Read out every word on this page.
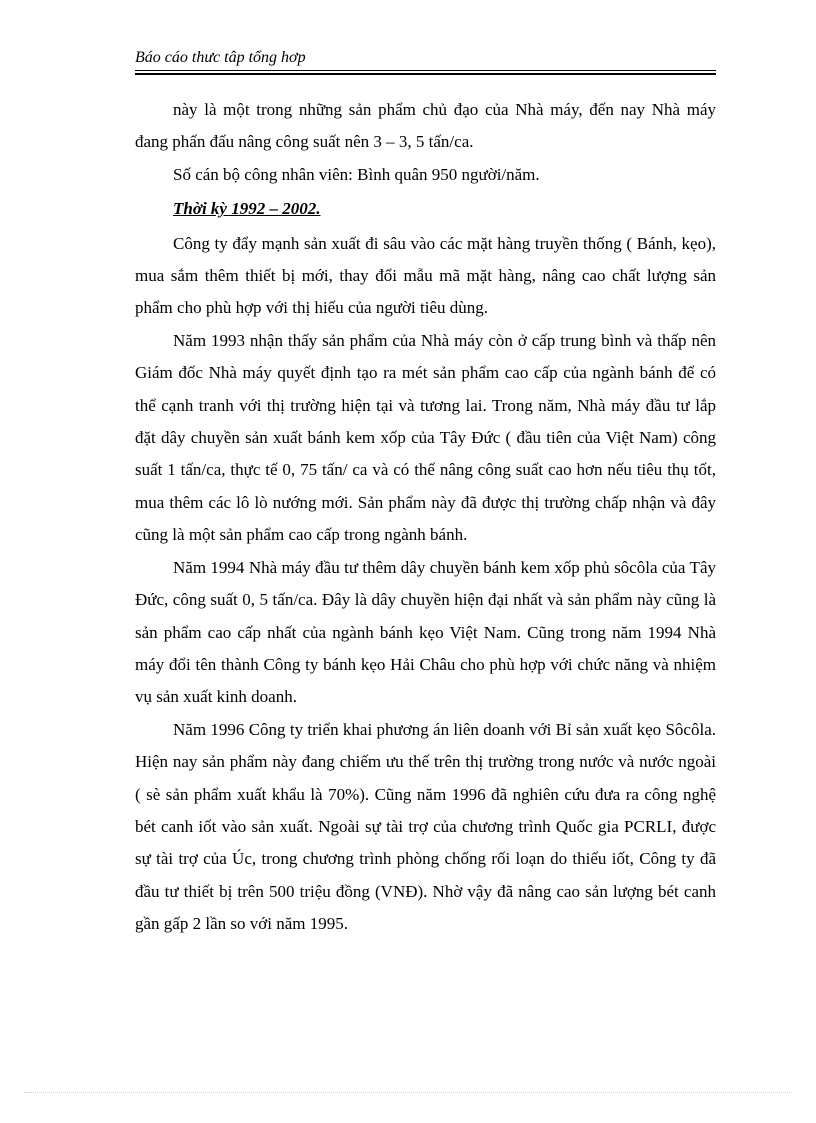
Báo cáo thưc tâp tổng hơp

này là một trong những sản phẩm chủ đạo của Nhà máy, đến nay Nhà máy đang phấn đấu nâng công suất nên 3 – 3, 5 tấn/ca.

Số cán bộ công nhân viên: Bình quân 950 người/năm.

Thời kỳ 1992 – 2002.

Công ty đẩy mạnh sản xuất đi sâu vào các mặt hàng truyền thống ( Bánh, kẹo), mua sắm thêm thiết bị mới, thay đổi mẫu mã mặt hàng, nâng cao chất lượng sản phẩm cho phù hợp với thị hiếu của người tiêu dùng.

Năm 1993 nhận thấy sản phẩm của Nhà máy còn ở cấp trung bình và thấp nên Giám đốc Nhà máy quyết định tạo ra mét sản phẩm cao cấp của ngành bánh để có thể cạnh tranh với thị trường hiện tại và tương lai. Trong năm, Nhà máy đầu tư lắp đặt dây chuyền sản xuất bánh kem xốp của Tây Đức ( đầu tiên của Việt Nam) công suất 1 tấn/ca, thực tế 0, 75 tấn/ ca và có thể nâng công suất cao hơn nếu tiêu thụ tốt, mua thêm các lô lò nướng mới. Sản phẩm này đã được thị trường chấp nhận và đây cũng là một sản phẩm cao cấp trong ngành bánh.

Năm 1994 Nhà máy đầu tư thêm dây chuyền bánh kem xốp phủ sôcôla của Tây Đức, công suất 0, 5 tấn/ca. Đây là dây chuyền hiện đại nhất và sản phẩm này cũng là sản phẩm cao cấp nhất của ngành bánh kẹo Việt Nam. Cũng trong năm 1994 Nhà máy đổi tên thành Công ty bánh kẹo Hải Châu cho phù hợp với chức năng và nhiệm vụ sản xuất kinh doanh.

Năm 1996 Công ty triển khai phương án liên doanh với Bỉ sản xuất kẹo Sôcôla. Hiện nay sản phẩm này đang chiếm ưu thế trên thị trường trong nước và nước ngoài ( sè sản phẩm xuất khẩu là 70%). Cũng năm 1996 đã nghiên cứu đưa ra công nghệ bét canh iốt vào sản xuất. Ngoài sự tài trợ của chương trình Quốc gia PCRLI, được sự tài trợ của Úc, trong chương trình phòng chống rối loạn do thiếu iốt, Công ty đã đầu tư thiết bị trên 500 triệu đồng (VNĐ). Nhờ vậy đã nâng cao sản lượng bét canh gần gấp 2 lần so với năm 1995.
